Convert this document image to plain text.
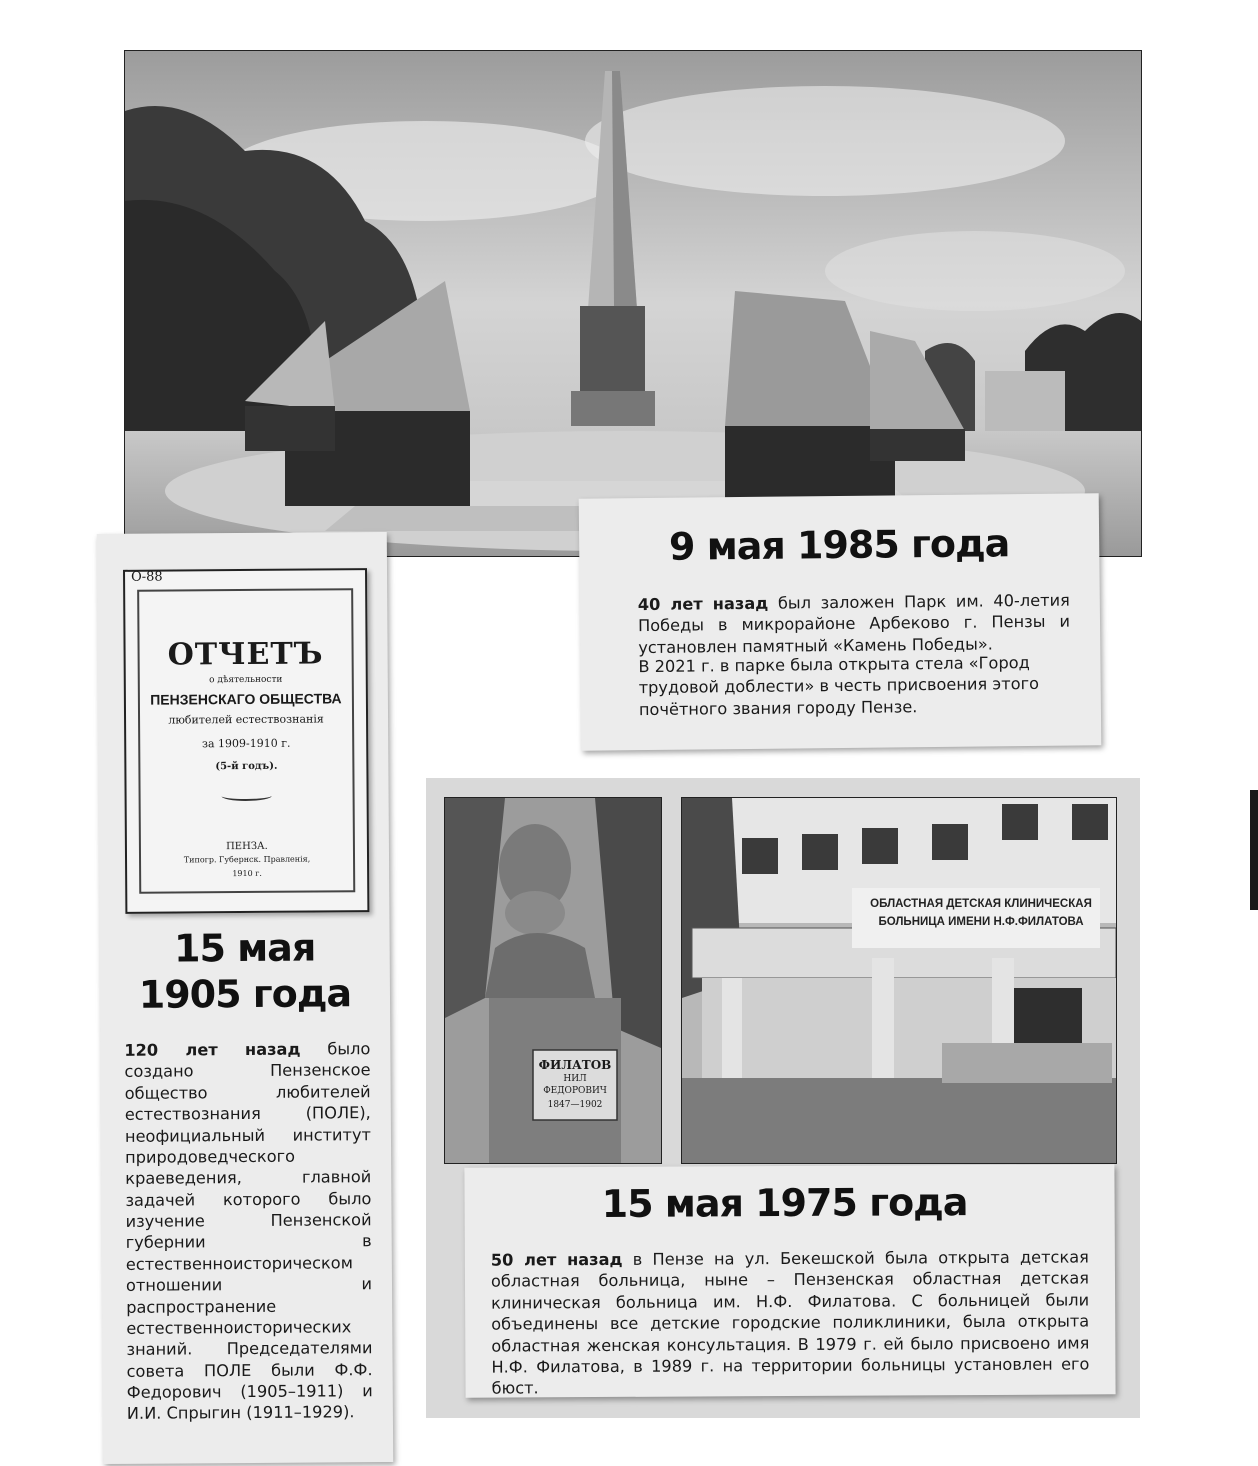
9 мая 1985 года
40 лет назад был заложен Парк им. 40-летия Победы в микрорайоне Арбеково г. Пензы и установлен памятный «Камень Победы».
В 2021 г. в парке была открыта стела «Город трудовой доблести» в честь присвоения этого почётного звания городу Пензе.
О-88
ОТЧЕТЪ
о дѣятельности
ПЕНЗЕНСКАГО ОБЩЕСТВА
любителей естествознанія
за 1909-1910 г.
(5-й годъ).
ПЕНЗА.
Типогр. Губернск. Правленія,
1910 г.
15 мая
1905 года
120 лет назад было создано Пензенское общество любителей естествознания (ПОЛЕ), неофициальный институт природоведческого краеведения, главной задачей которого было изучение Пензенской губернии в естественноисторическом отношении и распространение естественноисторических знаний. Председателями совета ПОЛЕ были Ф.Ф. Федорович (1905–1911) и И.И. Спрыгин (1911–1929).
ФИЛАТОВ
НИЛ
ФЕДОРОВИЧ
1847—1902
ОБЛАСТНАЯ ДЕТСКАЯ КЛИНИЧЕСКАЯ
БОЛЬНИЦА ИМЕНИ Н.Ф.ФИЛАТОВА
15 мая 1975 года
50 лет назад в Пензе на ул. Бекешской была открыта детская областная больница, ныне – Пензенская областная детская клиническая больница им. Н.Ф. Филатова. С больницей были объединены все детские городские поликлиники, была открыта областная женская консультация. В 1979 г. ей было присвоено имя Н.Ф. Филатова, в 1989 г. на территории больницы установлен его бюст.
